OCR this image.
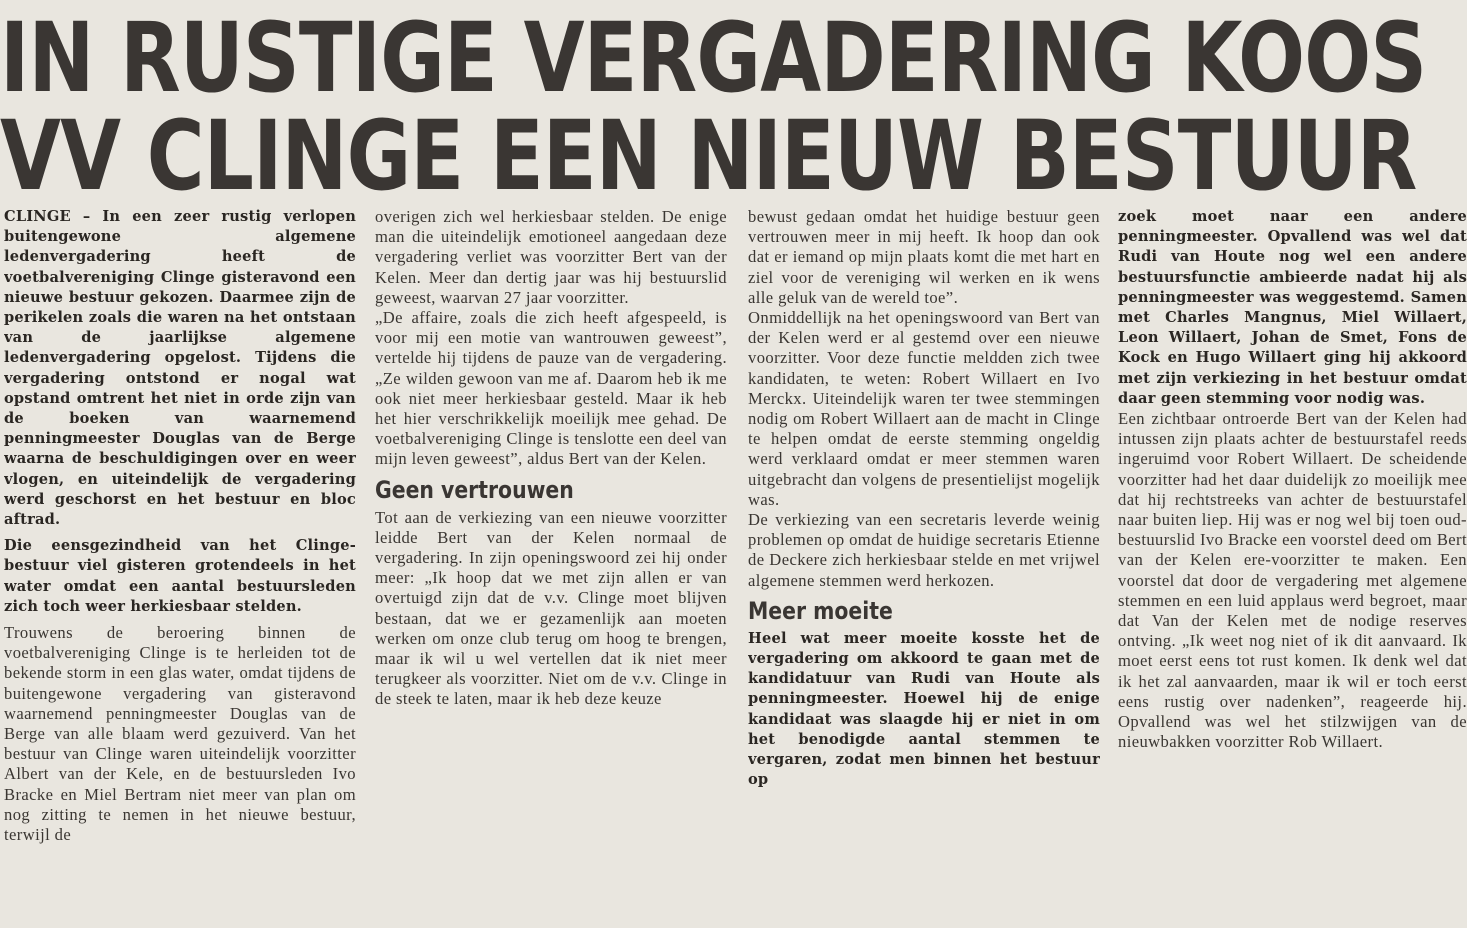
IN RUSTIGE VERGADERING KOOS
VV CLINGE EEN NIEUW BESTUUR

CLINGE – In een zeer rustig verlopen buitengewone algemene ledenvergadering heeft de voetbalvereniging Clinge gisteravond een nieuwe bestuur gekozen. Daarmee zijn de perikelen zoals die waren na het ontstaan van de jaarlijkse algemene ledenvergadering opgelost. Tijdens die vergadering ontstond er nogal wat opstand omtrent het niet in orde zijn van de boeken van waarnemend penningmeester Douglas van de Berge waarna de beschuldigingen over en weer vlogen, en uiteindelijk de vergadering werd geschorst en het bestuur en bloc aftrad.

Die eensgezindheid van het Clinge-bestuur viel gisteren grotendeels in het water omdat een aantal bestuursleden zich toch weer herkiesbaar stelden.

Trouwens de beroering binnen de voetbalvereniging Clinge is te herleiden tot de bekende storm in een glas water, omdat tijdens de buitengewone vergadering van gisteravond waarnemend penningmeester Douglas van de Berge van alle blaam werd gezuiverd. Van het bestuur van Clinge waren uiteindelijk voorzitter Albert van der Kele, en de bestuursleden Ivo Bracke en Miel Bertram niet meer van plan om nog zitting te nemen in het nieuwe bestuur, terwijl de

overigen zich wel herkiesbaar stelden. De enige man die uiteindelijk emotioneel aangedaan deze vergadering verliet was voorzitter Bert van der Kelen. Meer dan dertig jaar was hij bestuurslid geweest, waarvan 27 jaar voorzitter.

„De affaire, zoals die zich heeft afgespeeld, is voor mij een motie van wantrouwen geweest”, vertelde hij tijdens de pauze van de vergadering. „Ze wilden gewoon van me af. Daarom heb ik me ook niet meer herkiesbaar gesteld. Maar ik heb het hier verschrikkelijk moeilijk mee gehad. De voetbalvereniging Clinge is tenslotte een deel van mijn leven geweest”, aldus Bert van der Kelen.

Geen vertrouwen

Tot aan de verkiezing van een nieuwe voorzitter leidde Bert van der Kelen normaal de vergadering. In zijn openingswoord zei hij onder meer: „Ik hoop dat we met zijn allen er van overtuigd zijn dat de v.v. Clinge moet blijven bestaan, dat we er gezamenlijk aan moeten werken om onze club terug om hoog te brengen, maar ik wil u wel vertellen dat ik niet meer terugkeer als voorzitter. Niet om de v.v. Clinge in de steek te laten, maar ik heb deze keuze

bewust gedaan omdat het huidige bestuur geen vertrouwen meer in mij heeft. Ik hoop dan ook dat er iemand op mijn plaats komt die met hart en ziel voor de vereniging wil werken en ik wens alle geluk van de wereld toe”.

Onmiddellijk na het openingswoord van Bert van der Kelen werd er al gestemd over een nieuwe voorzitter. Voor deze functie meldden zich twee kandidaten, te weten: Robert Willaert en Ivo Merckx. Uiteindelijk waren ter twee stemmingen nodig om Robert Willaert aan de macht in Clinge te helpen omdat de eerste stemming ongeldig werd verklaard omdat er meer stemmen waren uitgebracht dan volgens de presentielijst mogelijk was.

De verkiezing van een secretaris leverde weinig problemen op omdat de huidige secretaris Etienne de Deckere zich herkiesbaar stelde en met vrijwel algemene stemmen werd herkozen.

Meer moeite

Heel wat meer moeite kosste het de vergadering om akkoord te gaan met de kandidatuur van Rudi van Houte als penningmeester. Hoewel hij de enige kandidaat was slaagde hij er niet in om het benodigde aantal stemmen te vergaren, zodat men binnen het bestuur op

zoek moet naar een andere penningmeester. Opvallend was wel dat Rudi van Houte nog wel een andere bestuursfunctie ambieerde nadat hij als penningmeester was weggestemd. Samen met Charles Mangnus, Miel Willaert, Leon Willaert, Johan de Smet, Fons de Kock en Hugo Willaert ging hij akkoord met zijn verkiezing in het bestuur omdat daar geen stemming voor nodig was.

Een zichtbaar ontroerde Bert van der Kelen had intussen zijn plaats achter de bestuurstafel reeds ingeruimd voor Robert Willaert. De scheidende voorzitter had het daar duidelijk zo moeilijk mee dat hij rechtstreeks van achter de bestuurstafel naar buiten liep. Hij was er nog wel bij toen oud-bestuurslid Ivo Bracke een voorstel deed om Bert van der Kelen ere-voorzitter te maken. Een voorstel dat door de vergadering met algemene stemmen en een luid applaus werd begroet, maar dat Van der Kelen met de nodige reserves ontving. „Ik weet nog niet of ik dit aanvaard. Ik moet eerst eens tot rust komen. Ik denk wel dat ik het zal aanvaarden, maar ik wil er toch eerst eens rustig over nadenken”, reageerde hij. Opvallend was wel het stilzwijgen van de nieuwbakken voorzitter Rob Willaert.
